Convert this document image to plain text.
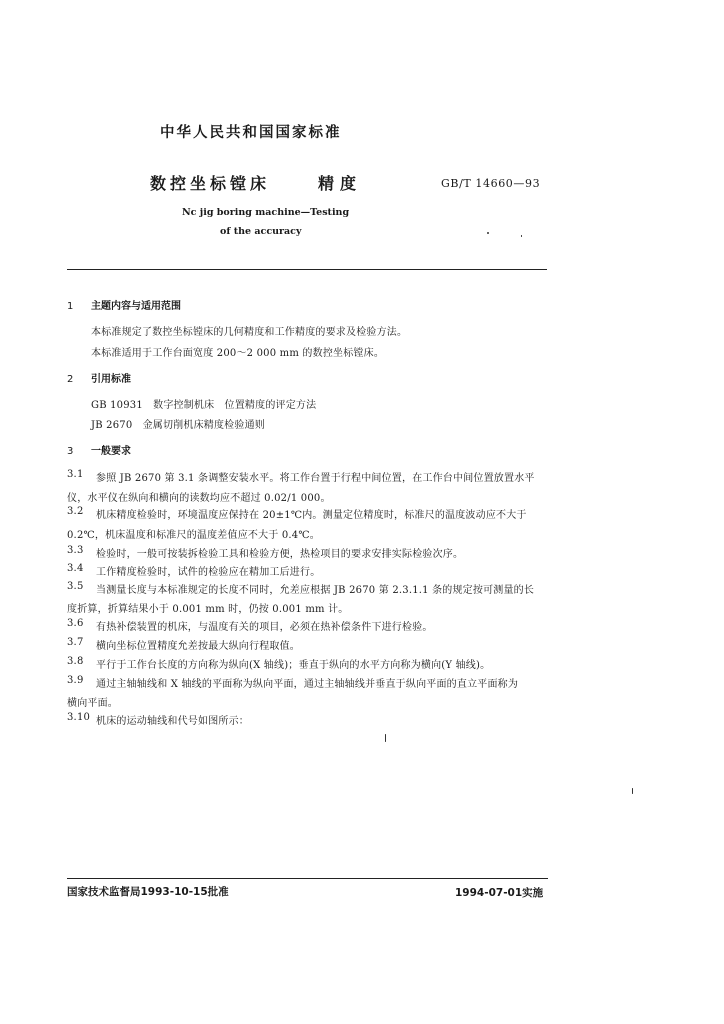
中华人民共和国国家标准
数控坐标镗床	精度	GB/T 14660—93
Nc jig boring machine—Testing
of the accuracy
1 主题内容与适用范围
本标准规定了数控坐标镗床的几何精度和工作精度的要求及检验方法。
本标准适用于工作台面宽度 200～2 000 mm 的数控坐标镗床。
2 引用标准
GB 10931　数字控制机床　位置精度的评定方法
JB 2670　金属切削机床精度检验通则
3 一般要求
3.1 参照 JB 2670 第 3.1 条调整安装水平。将工作台置于行程中间位置，在工作台中间位置放置水平
仪，水平仪在纵向和横向的读数均应不超过 0.02/1 000。
3.2 机床精度检验时，环境温度应保持在 20±1℃内。测量定位精度时，标准尺的温度波动应不大于
0.2℃，机床温度和标准尺的温度差值应不大于 0.4℃。
3.3 检验时，一般可按装拆检验工具和检验方便，热检项目的要求安排实际检验次序。
3.4 工作精度检验时，试件的检验应在精加工后进行。
3.5 当测量长度与本标准规定的长度不同时，允差应根据 JB 2670 第 2.3.1.1 条的规定按可测量的长
度折算，折算结果小于 0.001 mm 时，仍按 0.001 mm 计。
3.6 有热补偿装置的机床，与温度有关的项目，必须在热补偿条件下进行检验。
3.7 横向坐标位置精度允差按最大纵向行程取值。
3.8 平行于工作台长度的方向称为纵向(X 轴线)；垂直于纵向的水平方向称为横向(Y 轴线)。
3.9 通过主轴轴线和 X 轴线的平面称为纵向平面，通过主轴轴线并垂直于纵向平面的直立平面称为
横向平面。
3.10 机床的运动轴线和代号如图所示：
国家技术监督局1993-10-15批准	1994-07-01实施
